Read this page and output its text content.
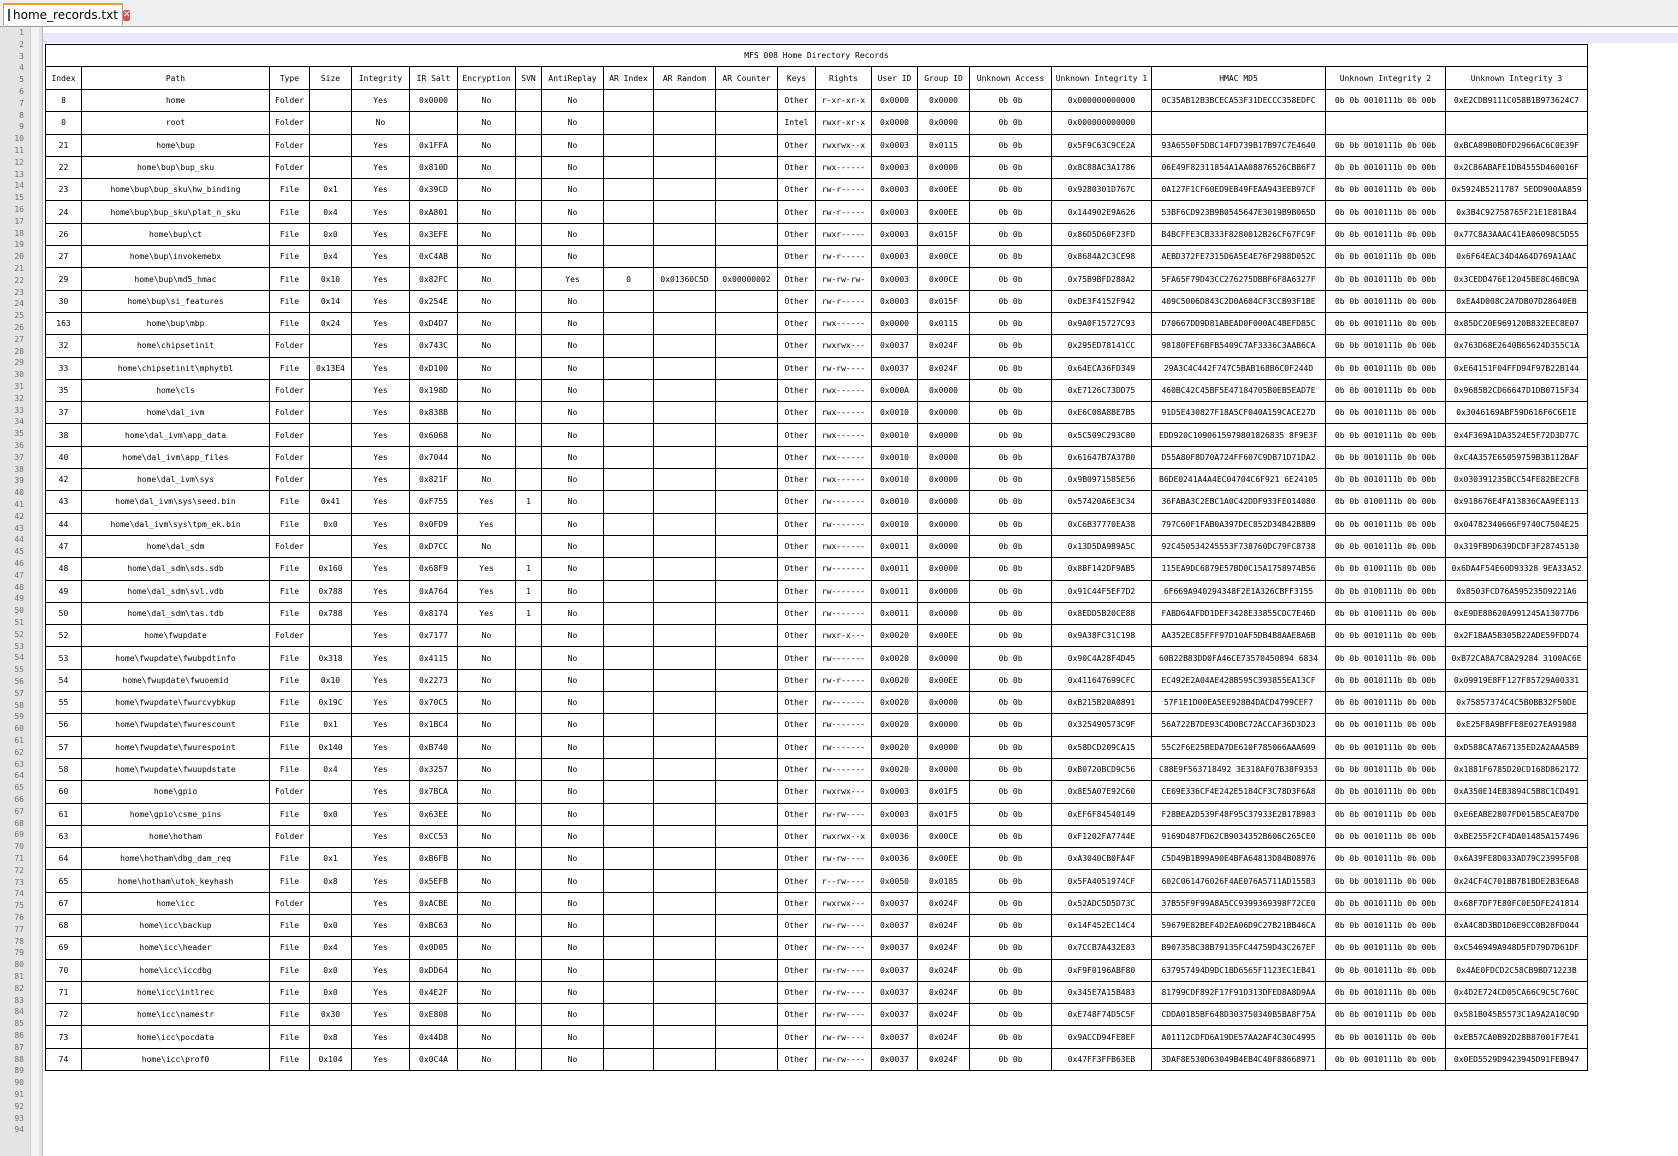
home_records.txt ✕
1
2
3
4
5
6
7
8
9
10
11
12
13
14
15
16
17
18
19
20
21
22
23
24
25
26
27
28
29
30
31
32
33
34
35
36
37
38
39
40
41
42
43
44
45
46
47
48
49
50
51
52
53
54
55
56
57
58
59
60
61
62
63
64
65
66
67
68
69
70
71
72
73
74
75
76
77
78
79
80
81
82
83
84
85
86
87
88
89
90
91
92
93
94
MFS 008 Home Directory Records																				
Index	Path	Type	Size	Integrity	IR Salt	Encryption	SVN	AntiReplay	AR Index	AR Random	AR Counter	Keys	Rights	User ID	Group ID	Unknown Access	Unknown Integrity 1	HMAC MD5	Unknown Integrity 2	Unknown Integrity 3
8	home	Folder		Yes	0x0000	No		No				Other	r-xr-xr-x	0x0000	0x0000	0b 0b	0x000000000000	0C35AB12B3BCECA53F31DECCC358EDFC	0b 0b 0010111b 0b 00b	0xE2CDB9111C058B1B973624C7
0	root	Folder		No		No		No				Intel	rwxr-xr-x	0x0000	0x0000	0b 0b	0x000000000000			
21	home\bup	Folder		Yes	0x1FFA	No		No				Other	rwxrwx--x	0x0003	0x0115	0b 0b	0x5F9C63C9CE2A	93A6550F5DBC14FD739B17B97C7E4640	0b 0b 0010111b 0b 00b	0xBCA89B0BDFD2966AC6C0E39F
22	home\bup\bup_sku	Folder		Yes	0x810D	No		No				Other	rwx------	0x0003	0x0000	0b 0b	0x8C88AC3A1786	06E49F82311854A1AA08876526CBB6F7	0b 0b 0010111b 0b 00b	0x2C86ABAFE1DB4555D460016F
23	home\bup\bup_sku\hw_binding	File	0x1	Yes	0x39CD	No		No				Other	rw-r-----	0x0003	0x00EE	0b 0b	0x9280301D767C	0A127F1CF60ED9EB49FEAA943EEB97CF	0b 0b 0010111b 0b 00b	0x5924B5211787 5EDD900AA859
24	home\bup\bup_sku\plat_n_sku	File	0x4	Yes	0xA801	No		No				Other	rw-r-----	0x0003	0x00EE	0b 0b	0x144902E9A626	53BF6CD923B9B0545647E3019B9B065D	0b 0b 0010111b 0b 00b	0x3B4C92758765F21E1E81BA4
26	home\bup\ct	File	0x0	Yes	0x3EFE	No		No				Other	rwxr-----	0x0003	0x015F	0b 0b	0x86D5D60F23FD	B4BCFFE3CB333F8280012B26CF67FC9F	0b 0b 0010111b 0b 00b	0x77C8A3AAAC41EA06098C5D55
27	home\bup\invokemebx	File	0x4	Yes	0xC4AB	No		No				Other	rw-r-----	0x0003	0x00CE	0b 0b	0x8684A2C3CE98	AEBD372FE7315D6A5E4E76F2988D052C	0b 0b 0010111b 0b 00b	0x6F64EAC34D4A64D769A1AAC
29	home\bup\md5_hmac	File	0x10	Yes	0x82FC	No		Yes	0	0x01360C5D	0x00000002	Other	rw-rw-rw-	0x0003	0x00CE	0b 0b	0x75B9BFD288A2	5FA65F79D43CC276275DBBF6F8A6327F	0b 0b 0010111b 0b 00b	0x3CEDD476E12045BE8C46BC9A
30	home\bup\si_features	File	0x14	Yes	0x254E	No		No				Other	rw-r-----	0x0003	0x015F	0b 0b	0xDE3F4152F942	409C5006D843C2D0A604CF3CCB93F1BE	0b 0b 0010111b 0b 00b	0xEA4D008C2A7DB07D28640EB
163	home\bup\mbp	File	0x24	Yes	0xD4D7	No		No				Other	rwx------	0x0000	0x0115	0b 0b	0x9A0F15727C93	D70667DD9D81ABEAD0F000AC4BEFD85C	0b 0b 0010111b 0b 00b	0x85DC20E969120B832EEC8E07
32	home\chipsetinit	Folder		Yes	0x743C	No		No				Other	rwxrwx---	0x0037	0x024F	0b 0b	0x295ED78141CC	98180FEF6BFB5409C7AF3336C3AAB6CA	0b 0b 0010111b 0b 00b	0x763D68E2640B65624D355C1A
33	home\chipsetinit\mphytbl	File	0x13E4	Yes	0xD100	No		No				Other	rw-rw----	0x0037	0x024F	0b 0b	0x64ECA36FD349	29A3C4C442F747C5BAB168B6C0F244D	0b 0b 0010111b 0b 00b	0xE64151F04FFD94F97B22B144
35	home\cls	Folder		Yes	0x198D	No		No				Other	rwx------	0x000A	0x0000	0b 0b	0xE7126C73DD75	460BC42C45BF5E47184705B0EB5EAD7E	0b 0b 0010111b 0b 00b	0x9685B2CD66647D1DB0715F34
37	home\dal_ivm	Folder		Yes	0x838B	No		No				Other	rwx------	0x0010	0x0000	0b 0b	0xE6C08A8BE7B5	91D5E430827F18A5CF040A159CACE27D	0b 0b 0010111b 0b 00b	0x3046169ABF59D616F6C6E1E
38	home\dal_ivm\app_data	Folder		Yes	0x6068	No		No				Other	rwx------	0x0010	0x0000	0b 0b	0x5C509C293C80	EDD920C1090615979801826835 8F9E3F	0b 0b 0010111b 0b 00b	0x4F369A1DA3524E5F72D3D77C
40	home\dal_ivm\app_files	Folder		Yes	0x7044	No		No				Other	rwx------	0x0010	0x0000	0b 0b	0x61647B7A37B0	D55A80F8D70A724FF607C9DB71D71DA2	0b 0b 0010111b 0b 00b	0xC4A357E65059759B3B112BAF
42	home\dal_ivm\sys	Folder		Yes	0x821F	No		No				Other	rwx------	0x0010	0x0000	0b 0b	0x9B0971585E56	B6DE0241A4A4EC04704C6F921 6E24105	0b 0b 0010111b 0b 00b	0x030391235BCC54FE82BE2CF8
43	home\dal_ivm\sys\seed.bin	File	0x41	Yes	0xF755	Yes	1	No				Other	rw-------	0x0010	0x0000	0b 0b	0x57420A6E3C34	36FABA3C2EBC1A0C42DDF933FE014080	0b 0b 0100111b 0b 00b	0x918676E4FA13836CAA9EE113
44	home\dal_ivm\sys\tpm_ek.bin	File	0x0	Yes	0x0FD9	Yes		No				Other	rw-------	0x0010	0x0000	0b 0b	0xC6B37770EA38	797C60F1FAB0A397DEC852D34B42B8B9	0b 0b 0010111b 0b 00b	0x04782340666F9740C7504E25
47	home\dal_sdm	Folder		Yes	0xD7CC	No		No				Other	rwx------	0x0011	0x0000	0b 0b	0x13D5DA989A5C	92C450534245553F738760DC79FC8738	0b 0b 0010111b 0b 00b	0x319FB9D639DCDF3F28745130
48	home\dal_sdm\sds.sdb	File	0x160	Yes	0x68F9	Yes	1	No				Other	rw-------	0x0011	0x0000	0b 0b	0x8BF142DF9AB5	115EA9DC6879E57BD0C15A1758974B56	0b 0b 0100111b 0b 00b	0x6DA4F54E60D93328 9EA33A52
49	home\dal_sdm\svl.vdb	File	0x788	Yes	0xA764	Yes	1	No				Other	rw-------	0x0011	0x0000	0b 0b	0x91C44F5EF7D2	6F669A940294348F2E1A326CBFF3155	0b 0b 0100111b 0b 00b	0x8503FCD76A595235D9221A6
50	home\dal_sdm\tas.tdb	File	0x788	Yes	0x8174	Yes	1	No				Other	rw-------	0x0011	0x0000	0b 0b	0x8EDD5B20CE88	FABD64AFDD1DEF3428E33855CDC7E46D	0b 0b 0100111b 0b 00b	0xE9DE88620A991245A13077D6
52	home\fwupdate	Folder		Yes	0x7177	No		No				Other	rwxr-x---	0x0020	0x00EE	0b 0b	0x9A38FC31C198	AA352EC85FFF97D10AF5DB4B8AAE8A6B	0b 0b 0010111b 0b 00b	0x2F1BAA5B305B22ADE59FDD74
53	home\fwupdate\fwubpdtinfo	File	0x318	Yes	0x4115	No		No				Other	rw-------	0x0020	0x0000	0b 0b	0x90C4A28F4D45	60B22B83DD0FA46CE73570450894 6834	0b 0b 0010111b 0b 00b	0xB72CA8A7C8A29284 3100AC6E
54	home\fwupdate\fwuoemid	File	0x10	Yes	0x2273	No		No				Other	rw-r-----	0x0020	0x00EE	0b 0b	0x411647699CFC	EC492E2A04AE428B595C393855EA13CF	0b 0b 0010111b 0b 00b	0x09919E8FF127F85729A00331
55	home\fwupdate\fwurcvybkup	File	0x19C	Yes	0x70C5	No		No				Other	rw-------	0x0020	0x0000	0b 0b	0xB215B20A0891	57F1E1D00EA5EE928B4DACD4799CEF7	0b 0b 0010111b 0b 00b	0x75857374C4C5B0BB32F50DE
56	home\fwupdate\fwurescount	File	0x1	Yes	0x1BC4	No		No				Other	rw-------	0x0020	0x0000	0b 0b	0x325490573C9F	56A722B7DE93C4D0BC72ACCAF36D3D23	0b 0b 0010111b 0b 00b	0xE25F8A9BFFE8E027EA91988
57	home\fwupdate\fwurespoint	File	0x140	Yes	0xB740	No		No				Other	rw-------	0x0020	0x0000	0b 0b	0x58DCD209CA15	55C2F6E25BEDA7DE610F785066AAA609	0b 0b 0010111b 0b 00b	0xD588CA7A67135ED2A2AAA5B9
58	home\fwupdate\fwuupdstate	File	0x4	Yes	0x3257	No		No				Other	rw-------	0x0020	0x0000	0b 0b	0xB0720BCD9C56	C88E9F563718492 3E318AF07B38F9353	0b 0b 0010111b 0b 00b	0x1881F6785D20CD168D862172
60	home\gpio	Folder		Yes	0x7BCA	No		No				Other	rwxrwx---	0x0003	0x01F5	0b 0b	0x8E5A07E92C60	CE69E336CF4E242E5184CF3C78D3F6A8	0b 0b 0010111b 0b 00b	0xA350E14EB3894C5B8C1CD491
61	home\gpio\csme_pins	File	0x0	Yes	0x63EE	No		No				Other	rw-rw----	0x0003	0x01F5	0b 0b	0xEF6F84540149	F28BEA2D539F48F95C37933E2B17B983	0b 0b 0010111b 0b 00b	0xE6EABE2807FD015B5CAE07D0
63	home\hotham	Folder		Yes	0xCC53	No		No				Other	rwxrwx--x	0x0036	0x00CE	0b 0b	0xF1202FA7744E	9169D487FD62CB9034352B606C265CE0	0b 0b 0010111b 0b 00b	0xBE255F2CF4DA01485A157496
64	home\hotham\dbg_dam_req	File	0x1	Yes	0xB6FB	No		No				Other	rw-rw----	0x0036	0x00EE	0b 0b	0xA3040CB0FA4F	C5D49B1B99A90E4BFA64813D84B08976	0b 0b 0010111b 0b 00b	0x6A39FE8D033AD79C23995F08
65	home\hotham\utok_keyhash	File	0x8	Yes	0x5EFB	No		No				Other	r--rw----	0x0050	0x0185	0b 0b	0x5FA4051974CF	602C061476026F4AE076A5711AD155B3	0b 0b 0010111b 0b 00b	0x24CF4C701BB7B1BDE2B3E6A8
67	home\icc	Folder		Yes	0xACBE	No		No				Other	rwxrwx---	0x0037	0x024F	0b 0b	0x52ADC5D5D73C	37B55F9F99A8A5CC9399369398F72CE0	0b 0b 0010111b 0b 00b	0x68F7DF7E80FC0E5DFE241814
68	home\icc\backup	File	0x0	Yes	0xBC63	No		No				Other	rw-rw----	0x0037	0x024F	0b 0b	0x14F452EC14C4	59679E82BEF4D2EA06D9C27B21BB46CA	0b 0b 0010111b 0b 00b	0xA4C8D3BD1D6E9CC0B28FD044
69	home\icc\header	File	0x4	Yes	0x0D05	No		No				Other	rw-rw----	0x0037	0x024F	0b 0b	0x7CCB7A432E83	B907358C38B79135FC44759D43C267EF	0b 0b 0010111b 0b 00b	0xC546949A948D5FD79D7D61DF
70	home\icc\iccdbg	File	0x0	Yes	0xDD64	No		No				Other	rw-rw----	0x0037	0x024F	0b 0b	0xF9F0196ABF80	637957494D9DC1BD6565F1123EC1EB41	0b 0b 0010111b 0b 00b	0x4AE0FDCD2C58CB9BD71223B
71	home\icc\intlrec	File	0x0	Yes	0x4E2F	No		No				Other	rw-rw----	0x0037	0x024F	0b 0b	0x345E7A15B483	81799CDF892F17F91D313DFED8A8D9AA	0b 0b 0010111b 0b 00b	0x4D2E724CD05CA66C9C5C760C
72	home\icc\namestr	File	0x30	Yes	0xE808	No		No				Other	rw-rw----	0x0037	0x024F	0b 0b	0xE748F74D5C5F	CDDA0185BF648D303750340B5BA8F75A	0b 0b 0010111b 0b 00b	0x581B045B5573C1A9A2A10C9D
73	home\icc\pocdata	File	0x8	Yes	0x44D8	No		No				Other	rw-rw----	0x0037	0x024F	0b 0b	0x9ACCD94FE8EF	A01112CDFD6A19DE57AA2AF4C30C4995	0b 0b 0010111b 0b 00b	0xEB57CA0B92D28B87001F7E41
74	home\icc\prof0	File	0x104	Yes	0x0C4A	No		No				Other	rw-rw----	0x0037	0x024F	0b 0b	0x47FF3FFB63EB	3DAF8E530D63049B4EB4C40F88668971	0b 0b 0010111b 0b 00b	0x0ED5529D9423945D91FEB947
